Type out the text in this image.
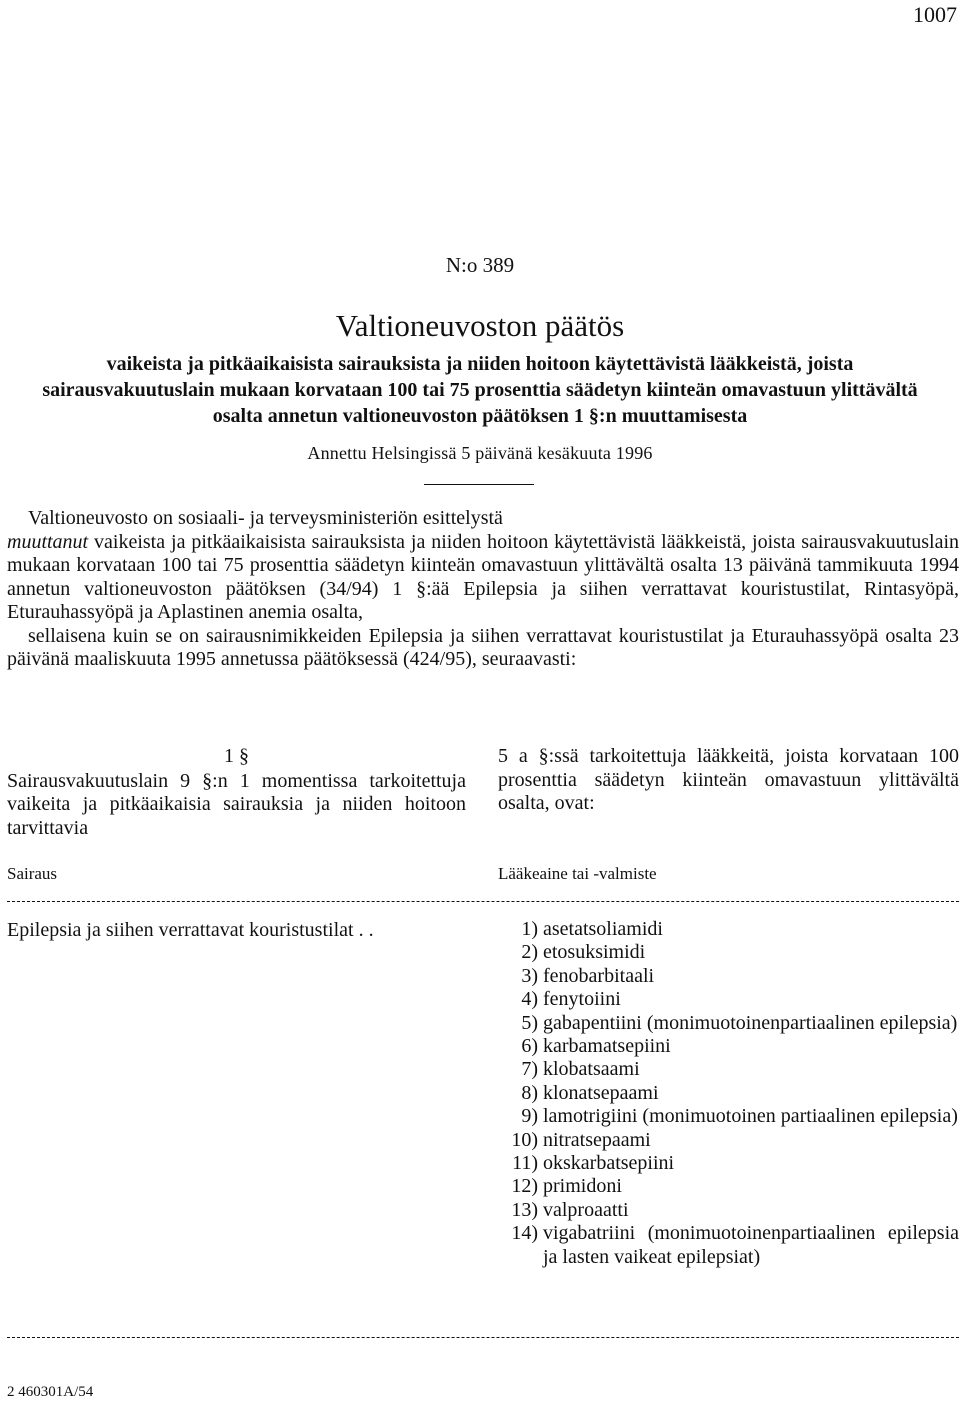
1007
N:o 389
Valtioneuvoston päätös
vaikeista ja pitkäaikaisista sairauksista ja niiden hoitoon käytettävistä lääkkeistä, joista sairausvakuutuslain mukaan korvataan 100 tai 75 prosenttia säädetyn kiinteän omavastuun ylittävältä osalta annetun valtioneuvoston päätöksen 1 §:n muuttamisesta
Annettu Helsingissä 5 päivänä kesäkuuta 1996

Valtioneuvosto on sosiaali- ja terveysministeriön esittelystä

muuttanut vaikeista ja pitkäaikaisista sairauksista ja niiden hoitoon käytettävistä lääkkeistä, joista sairausvakuutuslain mukaan korvataan 100 tai 75 prosenttia säädetyn kiinteän omavastuun ylittävältä osalta 13 päivänä tammikuuta 1994 annetun valtioneuvoston päätöksen (34/94) 1 §:ää Epilepsia ja siihen verrattavat kouristustilat, Rintasyöpä, Eturauhassyöpä ja Aplastinen anemia osalta,

sellaisena kuin se on sairausnimikkeiden Epilepsia ja siihen verrattavat kouristustilat ja Eturauhassyöpä osalta 23 päivänä maaliskuuta 1995 annetussa päätöksessä (424/95), seuraavasti:

1 §
Sairausvakuutuslain 9 §:n 1 momentissa tarkoitettuja vaikeita ja pitkäaikaisia sairauksia ja niiden hoitoon tarvittavia
5 a §:ssä tarkoitettuja lääkkeitä, joista korvataan 100 prosenttia säädetyn kiinteän omavastuun ylittävältä osalta, ovat:
Sairaus	Lääkeaine tai -valmiste
Epilepsia ja siihen verrattavat kouristustilat . .	1)
asetatsoliamidi
2)
etosuksimidi
3)
fenobarbitaali
4)
fenytoiini
5)
gabapentiini (monimuotoinenpartiaalinen epilepsia)
6)
karbamatsepiini
7)
klobatsaami
8)
klonatsepaami
9)
lamotrigiini (monimuotoinen partiaalinen epilepsia)
10)
nitratsepaami
11)
okskarbatsepiini
12)
primidoni
13)
valproaatti
14)
vigabatriini (monimuotoinenpartiaalinen epilepsia ja lasten vaikeat epilepsiat)
2 460301A/54
